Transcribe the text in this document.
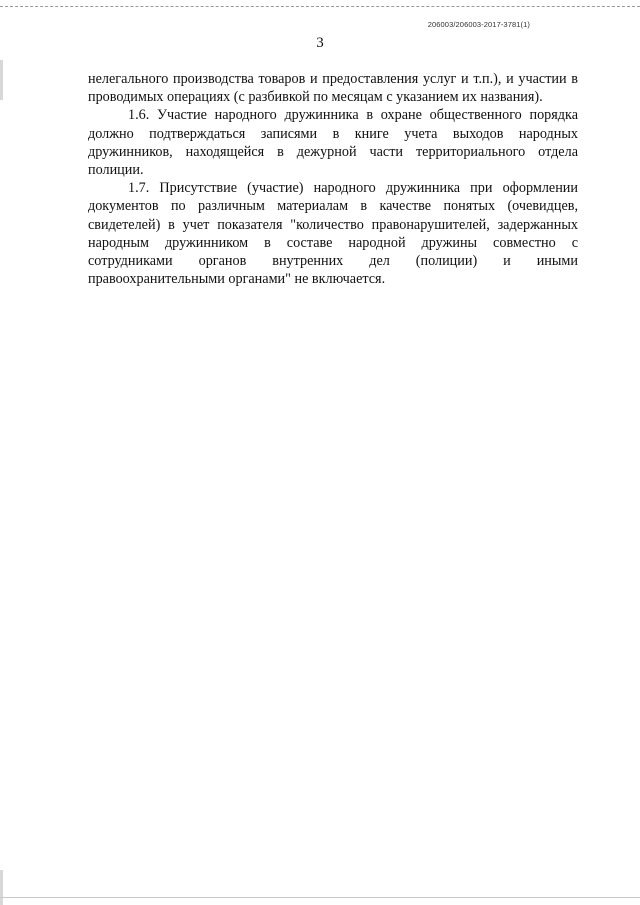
206003/206003-2017-3781(1)
3

нелегального производства товаров и предоставления услуг и т.п.), и участии в проводимых операциях (с разбивкой по месяцам с указанием их названия).

1.6. Участие народного дружинника в охране общественного порядка должно подтверждаться записями в книге учета выходов народных дружинников, находящейся в дежурной части территориального отдела полиции.

1.7. Присутствие (участие) народного дружинника при оформлении документов по различным материалам в качестве понятых (очевидцев, свидетелей) в учет показателя "количество правонарушителей, задержанных народным дружинником в составе народной дружины совместно с сотрудниками органов внутренних дел (полиции) и иными правоохранительными органами" не включается.
